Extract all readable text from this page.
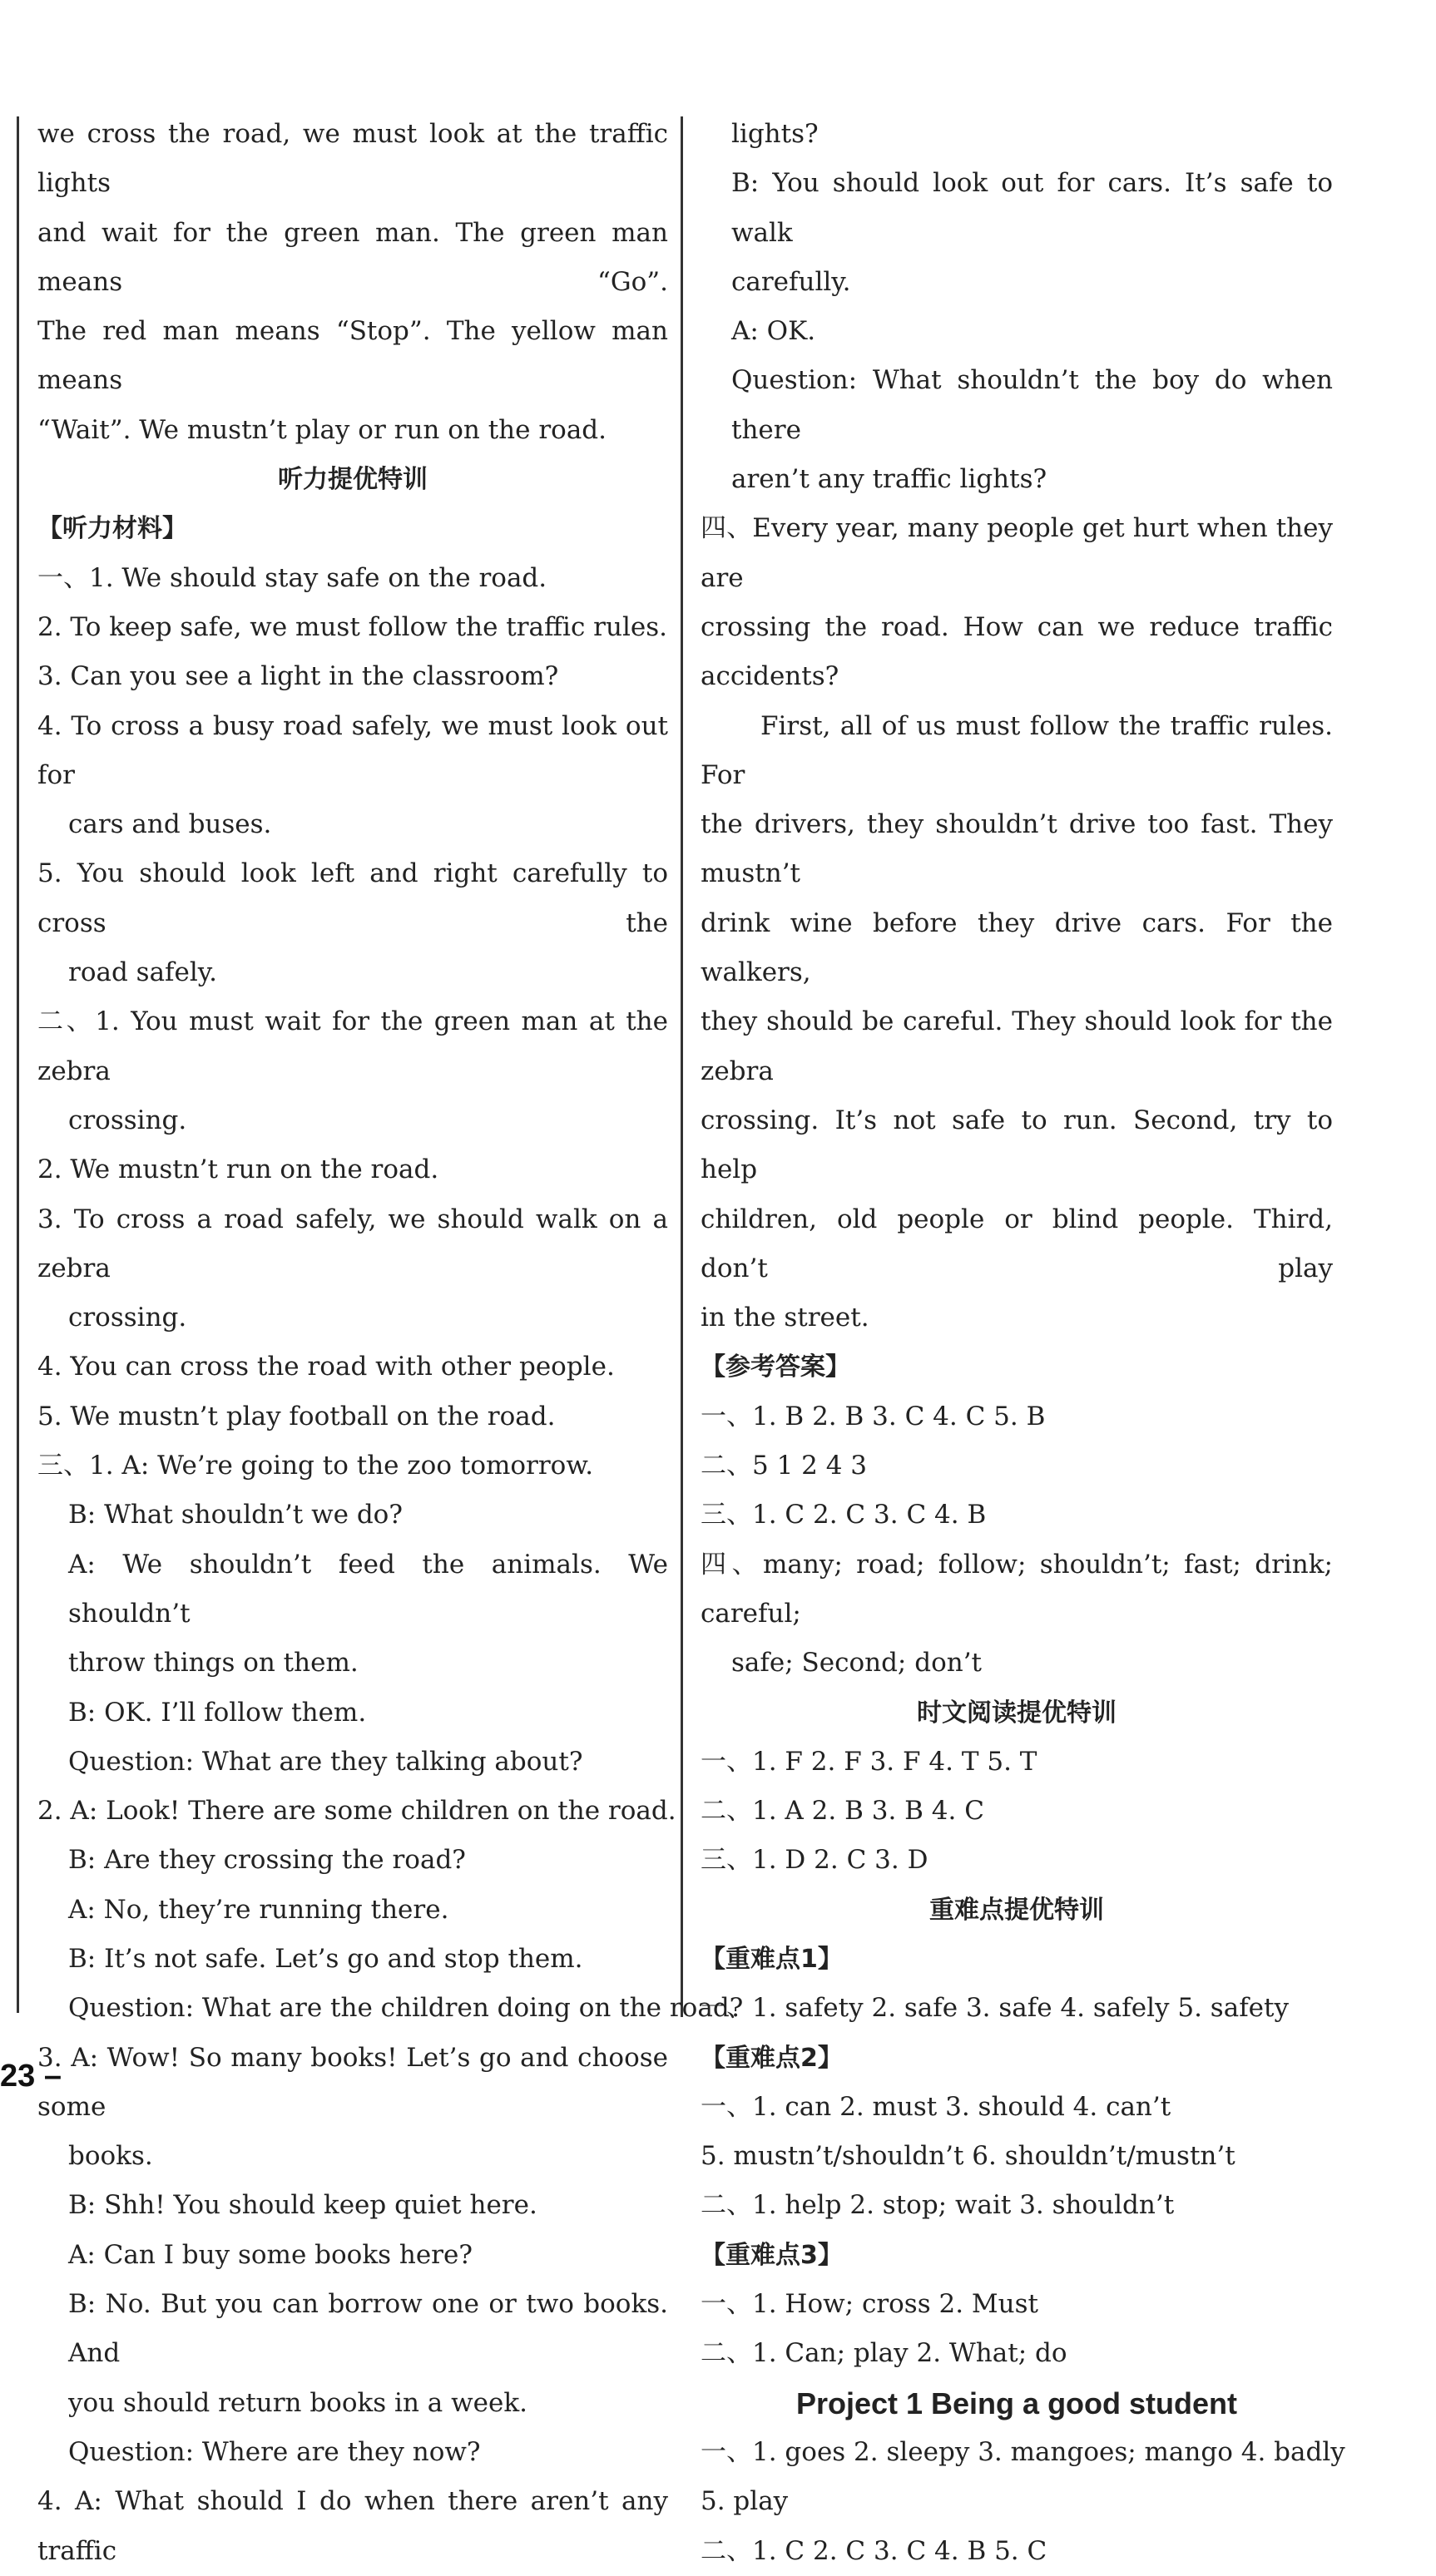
we cross the road, we must look at the traffic lights
and wait for the green man. The green man means “Go”.
The red man means “Stop”. The yellow man means
“Wait”. We mustn’t play or run on the road.
听力提优特训
【听力材料】
一、1. We should stay safe on the road.
2. To keep safe, we must follow the traffic rules.
3. Can you see a light in the classroom?
4. To cross a busy road safely, we must look out for
cars and buses.
5. You should look left and right carefully to cross the
road safely.
二、1. You must wait for the green man at the zebra
crossing.
2. We mustn’t run on the road.
3. To cross a road safely, we should walk on a zebra
crossing.
4. You can cross the road with other people.
5. We mustn’t play football on the road.
三、1. A: We’re going to the zoo tomorrow.
B: What shouldn’t we do?
A: We shouldn’t feed the animals. We shouldn’t
throw things on them.
B: OK. I’ll follow them.
Question: What are they talking about?
2. A: Look! There are some children on the road.
B: Are they crossing the road?
A: No, they’re running there.
B: It’s not safe. Let’s go and stop them.
Question: What are the children doing on the road?
3. A: Wow! So many books! Let’s go and choose some
books.
B: Shh! You should keep quiet here.
A: Can I buy some books here?
B: No. But you can borrow one or two books. And
you should return books in a week.
Question: Where are they now?
4. A: What should I do when there aren’t any traffic
lights?
B: You should look out for cars. It’s safe to walk
carefully.
A: OK.
Question: What shouldn’t the boy do when there
aren’t any traffic lights?
四、Every year, many people get hurt when they are
crossing the road. How can we reduce traffic accidents?
First, all of us must follow the traffic rules. For
the drivers, they shouldn’t drive too fast. They mustn’t
drink wine before they drive cars. For the walkers,
they should be careful. They should look for the zebra
crossing. It’s not safe to run. Second, try to help
children, old people or blind people. Third, don’t play
in the street.
【参考答案】
一、1. B 2. B 3. C 4. C 5. B
二、5 1 2 4 3
三、1. C 2. C 3. C 4. B
四、many; road; follow; shouldn’t; fast; drink; careful;
safe; Second; don’t
时文阅读提优特训
一、1. F 2. F 3. F 4. T 5. T
二、1. A 2. B 3. B 4. C
三、1. D 2. C 3. D
重难点提优特训
【重难点1】
一、1. safety 2. safe 3. safe 4. safely 5. safety
【重难点2】
一、1. can 2. must 3. should 4. can’t
5. mustn’t/shouldn’t 6. shouldn’t/mustn’t
二、1. help 2. stop; wait 3. shouldn’t
【重难点3】
一、1. How; cross 2. Must
二、1. Can; play 2. What; do
Project 1 Being a good student
一、1. goes 2. sleepy 3. mangoes; mango 4. badly
5. play
二、1. C 2. C 3. C 4. B 5. C
23 –
